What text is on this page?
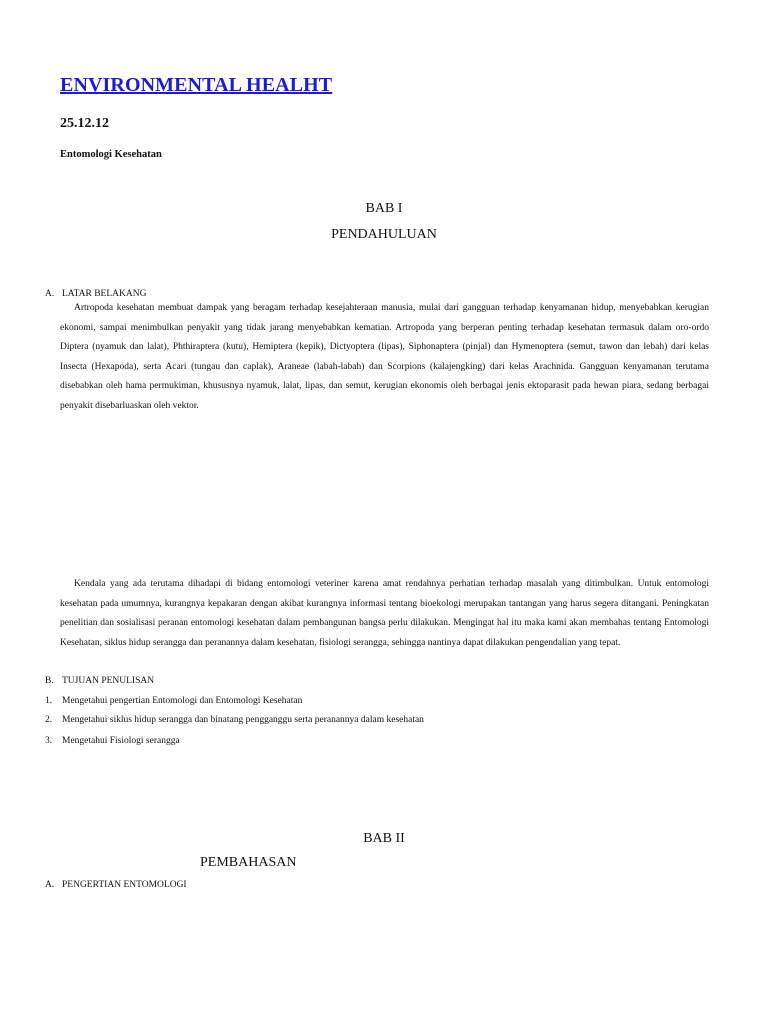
ENVIRONMENTAL HEALHT
25.12.12
Entomologi Kesehatan
BAB I
PENDAHULUAN
A. LATAR BELAKANG

Artropoda kesehatan membuat dampak yang beragam terhadap kesejahteraan manusia, mulai dari gangguan terhadap kenyamanan hidup, menyebabkan kerugian ekonomi, sampai menimbulkan penyakit yang tidak jarang menyebabkan kematian. Artropoda yang berperan penting terhadap kesehatan termasuk dalam oro-ordo Diptera (nyamuk dan lalat), Phthiraptera (kutu), Hemiptera (kepik), Dictyoptera (lipas), Siphonaptera (pinjal) dan Hymenoptera (semut, tawon dan lebah) dari kelas Insecta (Hexapoda), serta Acari (tungau dan caplak), Araneae (labah-labah) dan Scorpions (kalajengking) dari kelas Arachnida. Gangguan kenyamanan terutama disebabkan oleh hama permukiman, khususnya nyamuk, lalat, lipas, dan semut, kerugian ekonomis oleh berbagai jenis ektoparasit pada hewan piara, sedang berbagai penyakit disebarluaskan oleh vektor.

Kendala yang ada terutama dihadapi di bidang entomologi veteriner karena amat rendahnya perhatian terhadap masalah yang ditimbulkan. Untuk entomologi kesehatan pada umumnya, kurangnya kepakaran dengan akibat kurangnya informasi tentang bioekologi merupakan tantangan yang harus segera ditangani. Peningkatan penelitian dan sosialisasi peranan entomologi kesehatan dalam pembangunan bangsa perlu dilakukan. Mengingat hal itu maka kami akan membahas tentang Entomologi Kesehatan, siklus hidup serangga dan peranannya dalam kesehatan, fisiologi serangga, sehingga nantinya dapat dilakukan pengendalian yang tepat.

B. TUJUAN PENULISAN
1.	Mengetahui pengertian Entomologi dan Entomologi Kesehatan
2.	Mengetahui siklus hidup serangga dan binatang pengganggu serta peranannya dalam kesehatan
3.	Mengetahui Fisiologi serangga
BAB II
PEMBAHASAN
A. PENGERTIAN ENTOMOLOGI
